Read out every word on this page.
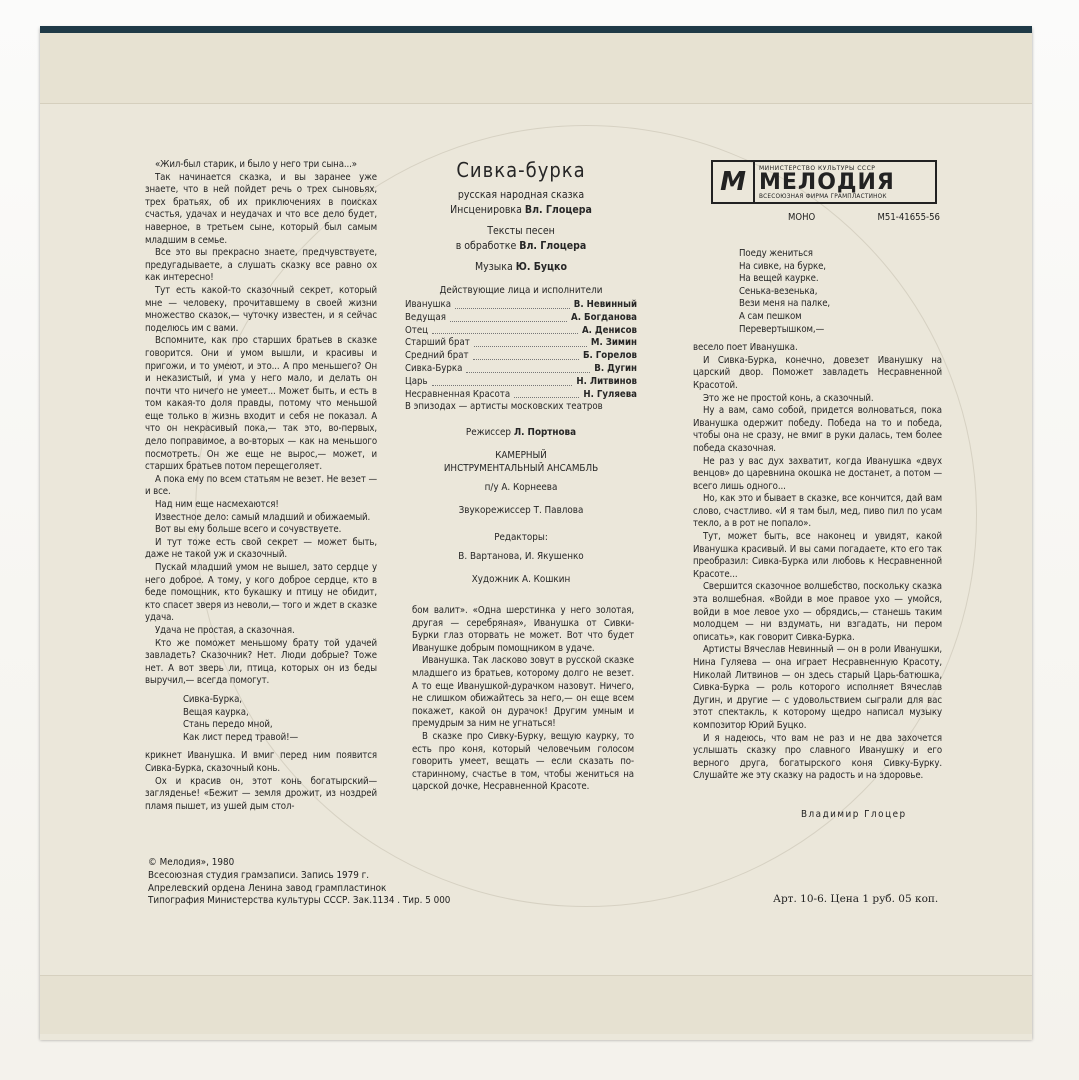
«Жил-был старик, и было у него три сына...»

Так начинается сказка, и вы заранее уже знаете, что в ней пойдет речь о трех сыновьях, трех братьях, об их приключениях в поисках счастья, удачах и неудачах и что все дело будет, наверное, в третьем сыне, который был самым младшим в семье.

Все это вы прекрасно знаете, предчувствуете, предугадываете, а слушать сказку все равно ох как интересно!

Тут есть какой-то сказочный секрет, который мне — человеку, прочитавшему в своей жизни множество сказок,— чуточку известен, и я сейчас поделюсь им с вами.

Вспомните, как про старших братьев в сказке говорится. Они и умом вышли, и красивы и пригожи, и то умеют, и это... А про меньшего? Он и неказистый, и ума у него мало, и делать он почти что ничего не умеет... Может быть, и есть в том какая-то доля правды, потому что меньшой еще только в жизнь входит и себя не показал. А что он некрасивый пока,— так это, во-первых, дело поправимое, а во-вторых — как на меньшого посмотреть. Он же еще не вырос,— может, и старших братьев потом перещеголяет.

А пока ему по всем статьям не везет. Не везет — и все.

Над ним еще насмехаются!

Известное дело: самый младший и обижаемый.

Вот вы ему больше всего и сочувствуете.

И тут тоже есть свой секрет — может быть, даже не такой уж и сказочный.

Пускай младший умом не вышел, зато сердце у него доброе. А тому, у кого доброе сердце, кто в беде помощник, кто букашку и птицу не обидит, кто спасет зверя из неволи,— того и ждет в сказке удача.

Удача не простая, а сказочная.

Кто же поможет меньшому брату той удачей завладеть? Сказочник? Нет. Люди добрые? Тоже нет. А вот зверь ли, птица, которых он из беды выручил,— всегда помогут.

Сивка-Бурка,
Вещая каурка,
Стань передо мной,
Как лист перед травой!—

крикнет Иванушка. И вмиг перед ним появится Сивка-Бурка, сказочный конь.

Ох и красив он, этот конь богатырский— загляденье! «Бежит — земля дрожит, из ноздрей пламя пышет, из ушей дым стол-

Сивка-бурка
русская народная сказка
Инсценировка Вл. Глоцера
Тексты песен
в обработке Вл. Глоцера
Музыка Ю. Буцко
Действующие лица и исполнители
Иванушка	В. Невинный
Ведущая	А. Богданова
Отец	А. Денисов
Старший брат	М. Зимин
Средний брат	Б. Горелов
Сивка-Бурка	В. Дугин
Царь	Н. Литвинов
Несравненная Красота	Н. Гуляева
В эпизодах — артисты московских театров
Режиссер Л. Портнова
КАМЕРНЫЙ
ИНСТРУМЕНТАЛЬНЫЙ АНСАМБЛЬ
п/у А. Корнеева
Звукорежиссер Т. Павлова
Редакторы:
В. Вартанова, И. Якушенко
Художник А. Кошкин

бом валит». «Одна шерстинка у него золотая, другая — серебряная», Иванушка от Сивки-Бурки глаз оторвать не может. Вот что будет Иванушке добрым помощником в удаче.

Иванушка. Так ласково зовут в русской сказке младшего из братьев, которому долго не везет. А то еще Иванушкой-дурачком назовут. Ничего, не слишком обижайтесь за него,— он еще всем покажет, какой он дурачок! Другим умным и премудрым за ним не угнаться!

В сказке про Сивку-Бурку, вещую каурку, то есть про коня, который человечьим голосом говорить умеет, вещать — если сказать по-старинному, счастье в том, чтобы жениться на царской дочке, Несравненной Красоте.

М	МИНИСТЕРСТВО КУЛЬТУРЫ СССР
МЕЛОДИЯ
ВСЕСОЮЗНАЯ ФИРМА ГРАМПЛАСТИНОК
МОНО	М51-41655-56
Поеду жениться
На сивке, на бурке,
На вещей каурке.
Сенька-везенька,
Вези меня на палке,
А сам пешком
Перевертышком,—

весело поет Иванушка.

И Сивка-Бурка, конечно, довезет Иванушку на царский двор. Поможет завладеть Несравненной Красотой.

Это же не простой конь, а сказочный.

Ну а вам, само собой, придется волноваться, пока Иванушка одержит победу. Победа на то и победа, чтобы она не сразу, не вмиг в руки далась, тем более победа сказочная.

Не раз у вас дух захватит, когда Иванушка «двух венцов» до царевнина окошка не достанет, а потом — всего лишь одного...

Но, как это и бывает в сказке, все кончится, дай вам слово, счастливо. «И я там был, мед, пиво пил по усам текло, а в рот не попало».

Тут, может быть, все наконец и увидят, какой Иванушка красивый. И вы сами погадаете, кто его так преобразил: Сивка-Бурка или любовь к Несравненной Красоте...

Свершится сказочное волшебство, поскольку сказка эта волшебная. «Войди в мое правое ухо — умойся, войди в мое левое ухо — обрядись,— станешь таким молодцем — ни вздумать, ни взгадать, ни пером описать», как говорит Сивка-Бурка.

Артисты Вячеслав Невинный — он в роли Иванушки, Нина Гуляева — она играет Несравненную Красоту, Николай Литвинов — он здесь старый Царь-батюшка, Сивка-Бурка — роль которого исполняет Вячеслав Дугин, и другие — с удовольствием сыграли для вас этот спектакль, к которому щедро написал музыку композитор Юрий Буцко.

И я надеюсь, что вам не раз и не два захочется услышать сказку про славного Иванушку и его верного друга, богатырского коня Сивку-Бурку. Слушайте же эту сказку на радость и на здоровье.

Владимир Глоцер
© Мелодия», 1980
Всесоюзная студия грамзаписи. Запись 1979 г.
Апрелевский ордена Ленина завод грампластинок
Типография Министерства культуры СССР. Зак.1134 . Тир. 5 000	Арт. 10-6. Цена 1 руб. 05 коп.
